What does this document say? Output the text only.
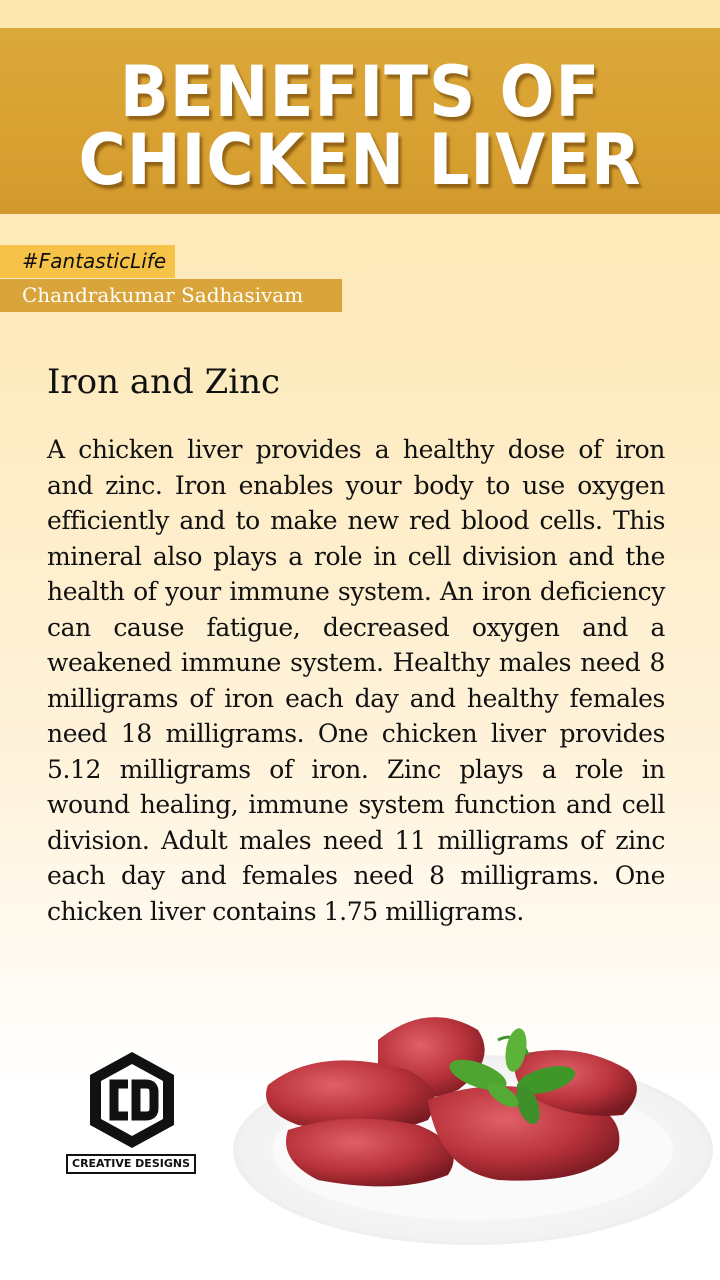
BENEFITS OF
CHICKEN LIVER
#FantasticLife
Chandrakumar Sadhasivam
Iron and Zinc
A chicken liver provides a healthy dose of iron and zinc. Iron enables your body to use oxygen efficiently and to make new red blood cells. This mineral also plays a role in cell division and the health of your immune system. An iron deficiency can cause fatigue, decreased oxygen and a weakened immune system. Healthy males need 8 milligrams of iron each day and healthy females need 18 milligrams. One chicken liver provides 5.12 milligrams of iron. Zinc plays a role in wound healing, immune system function and cell division. Adult males need 11 milligrams of zinc each day and females need 8 milligrams. One chicken liver contains 1.75 milligrams.
CREATIVE DESIGNS
